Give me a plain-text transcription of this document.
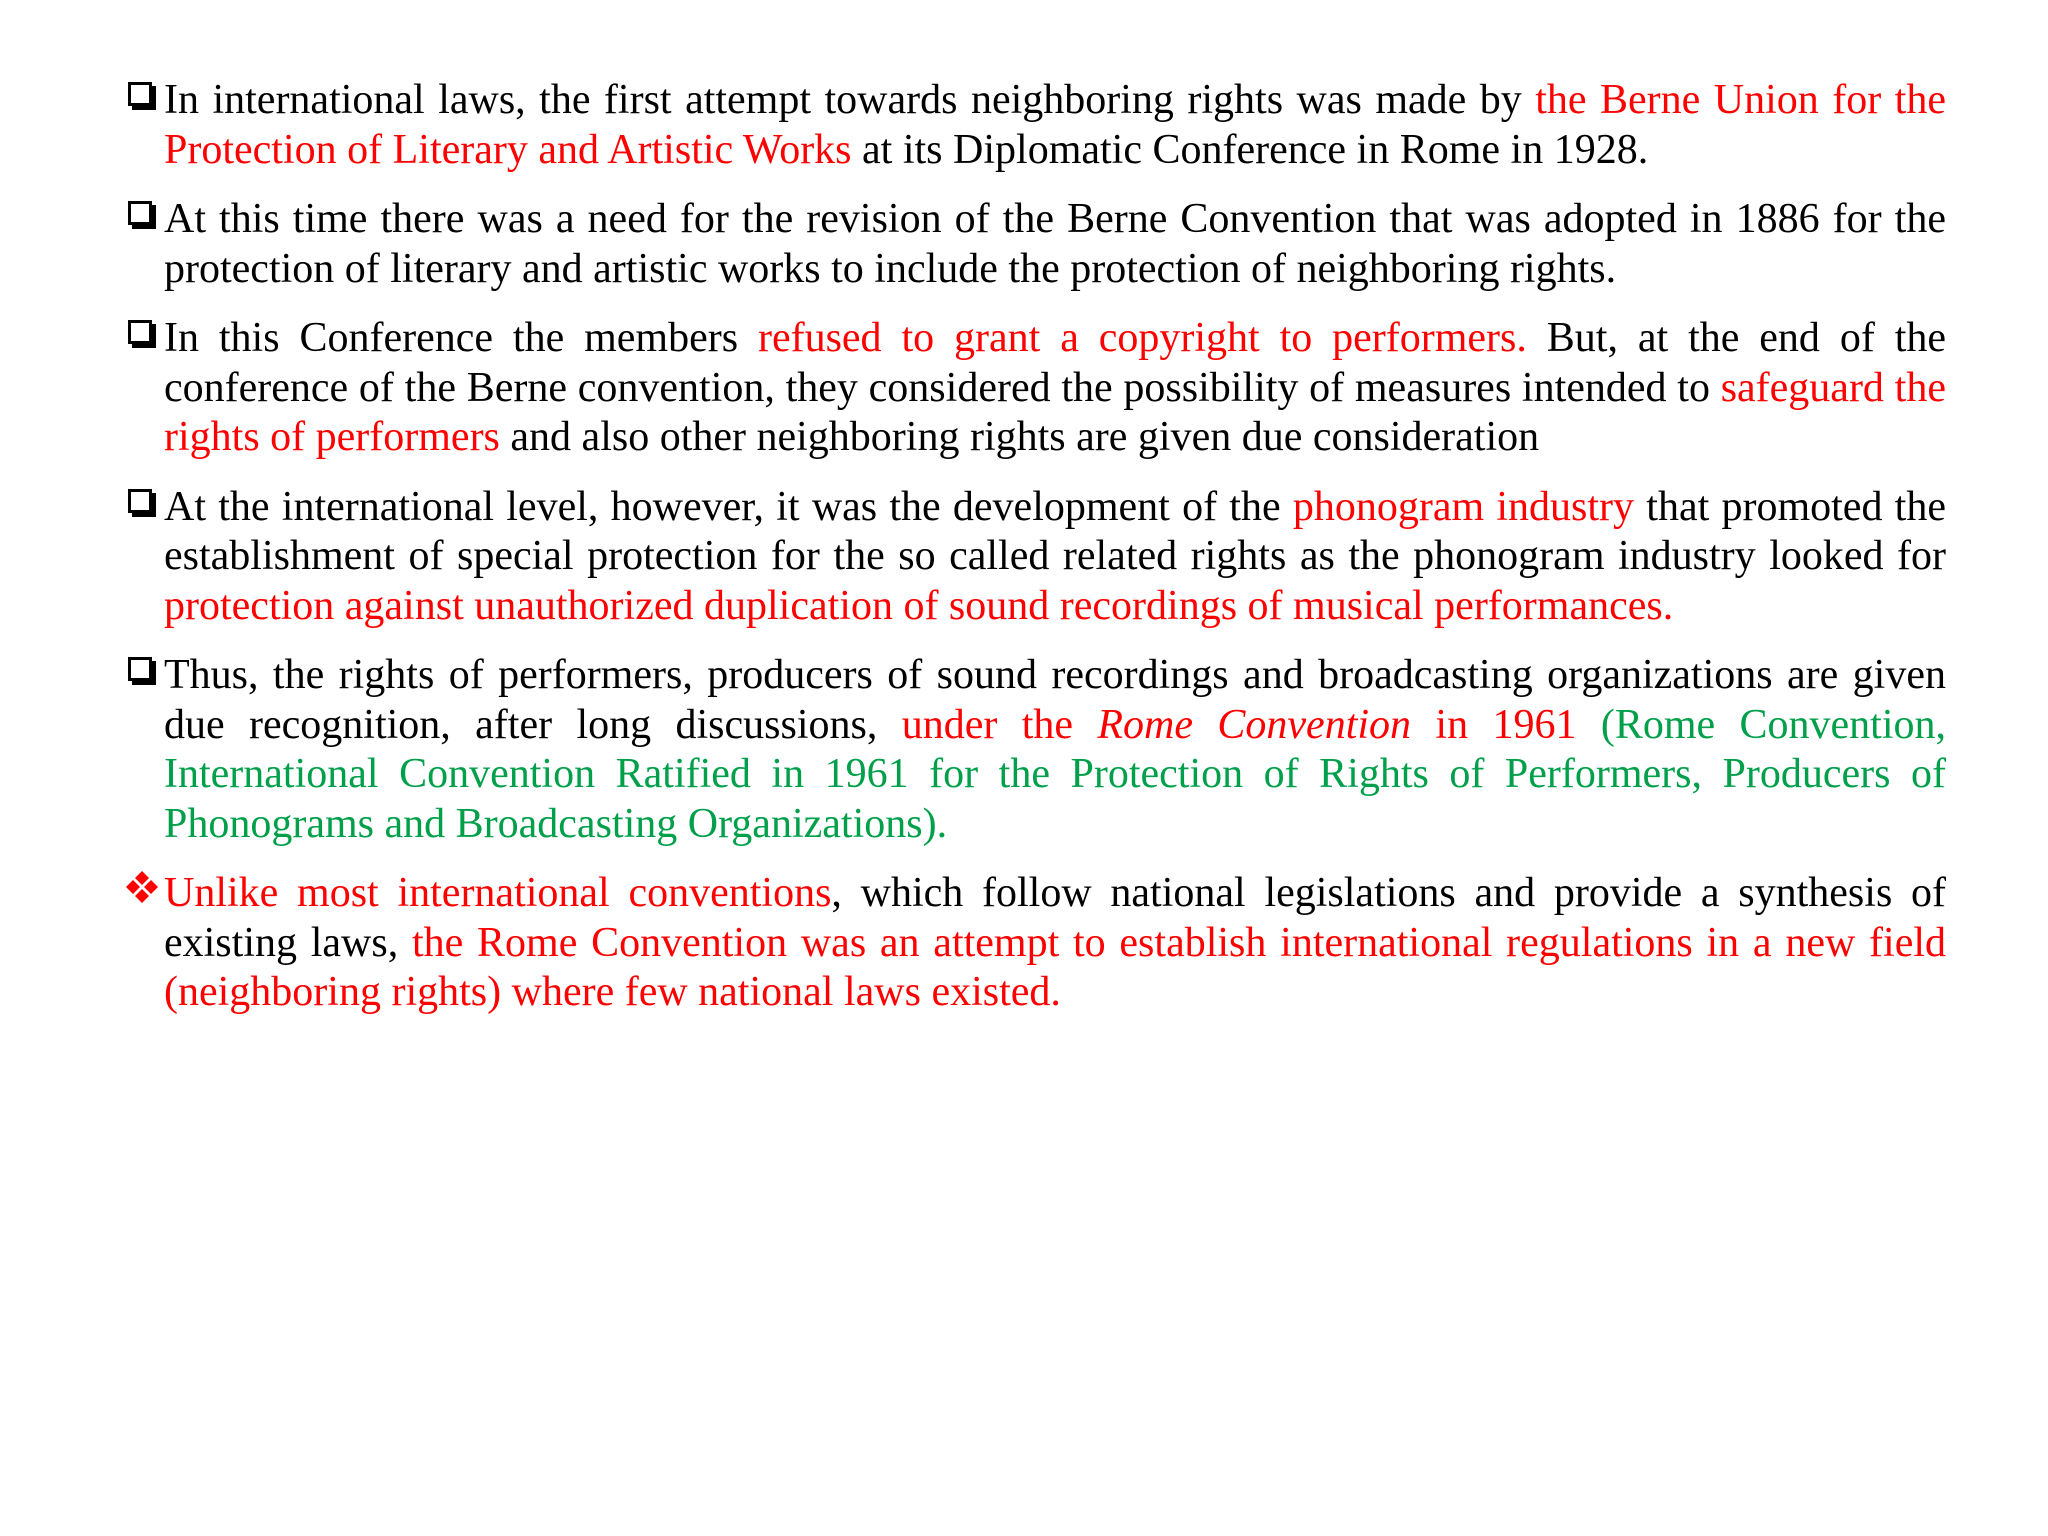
In international laws, the first attempt towards neighboring rights was made by the Berne Union for the Protection of Literary and Artistic Works at its Diplomatic Conference in Rome in 1928.
At this time there was a need for the revision of the Berne Convention that was adopted in 1886 for the protection of literary and artistic works to include the protection of neighboring rights.
In this Conference the members refused to grant a copyright to performers. But, at the end of the conference of the Berne convention, they considered the possibility of measures intended to safeguard the rights of performers and also other neighboring rights are given due consideration
At the international level, however, it was the development of the phonogram industry that promoted the establishment of special protection for the so called related rights as the phonogram industry looked for protection against unauthorized duplication of sound recordings of musical performances.
Thus, the rights of performers, producers of sound recordings and broadcasting organizations are given due recognition, after long discussions, under the Rome Convention in 1961 (Rome Convention, International Convention Ratified in 1961 for the Protection of Rights of Performers, Producers of Phonograms and Broadcasting Organizations).
Unlike most international conventions, which follow national legislations and provide a synthesis of existing laws, the Rome Convention was an attempt to establish international regulations in a new field (neighboring rights) where few national laws existed.
